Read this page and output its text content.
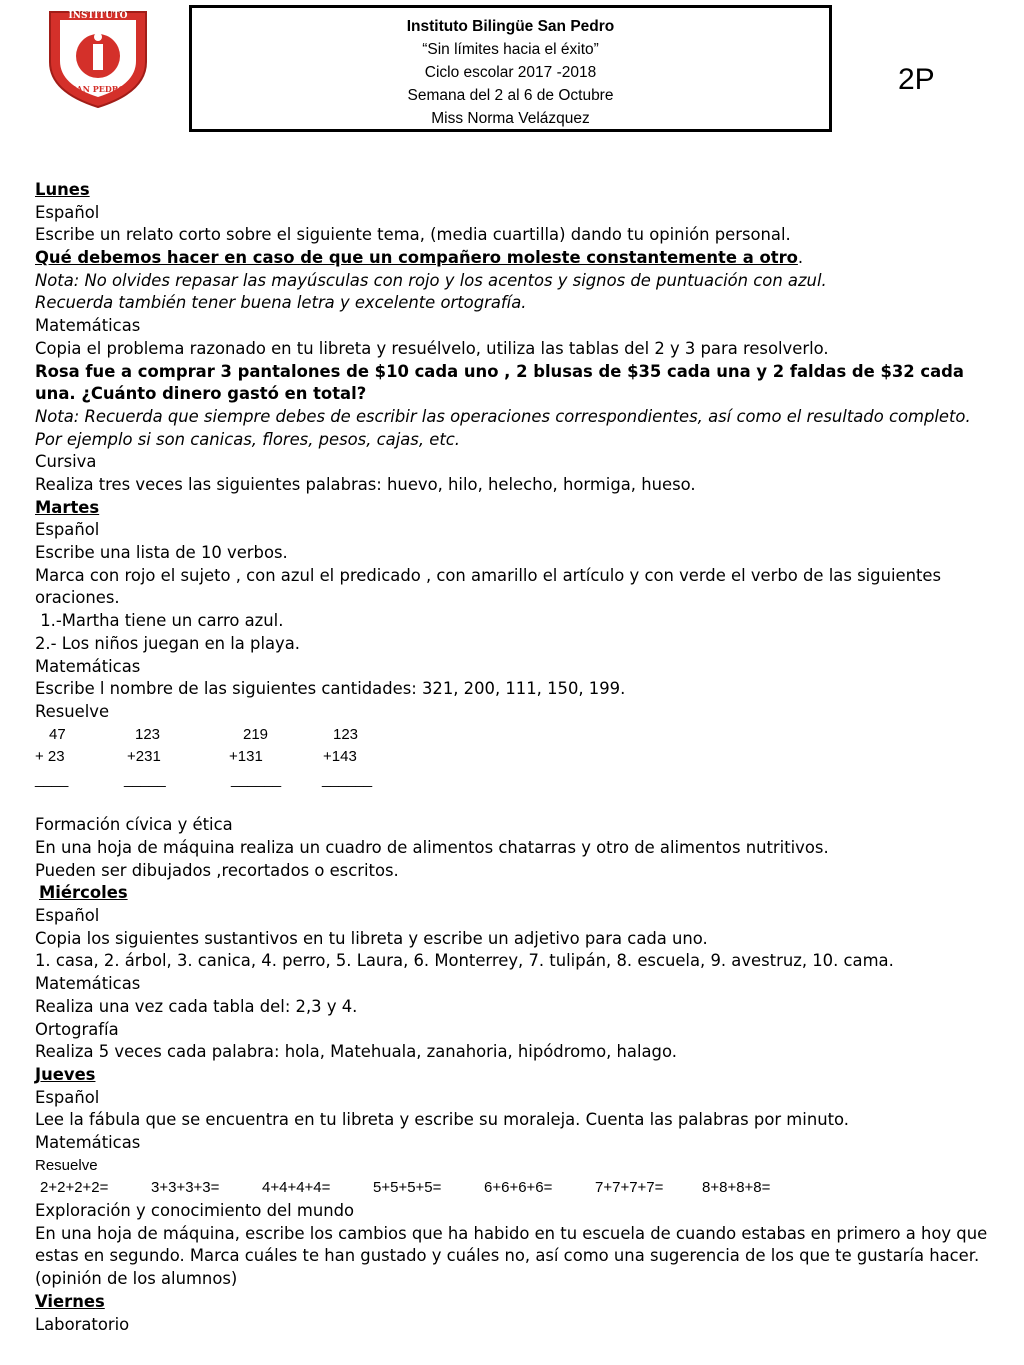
INSTITUTO
SAN PEDRO
Instituto Bilingüe San Pedro
“Sin límites hacia el éxito”
Ciclo escolar 2017 -2018
Semana del 2 al 6 de Octubre
Miss Norma Velázquez
2P
Lunes
Español
Escribe un relato corto sobre el siguiente tema, (media cuartilla) dando tu opinión personal.
Qué debemos hacer en caso de que un compañero moleste constantemente a otro.
Nota: No olvides repasar las mayúsculas con rojo y los acentos y signos de puntuación con azul.
Recuerda también tener buena letra y excelente ortografía.
Matemáticas
Copia el problema razonado en tu libreta y resuélvelo, utiliza las tablas del 2 y 3 para resolverlo.
Rosa fue a comprar 3 pantalones de $10 cada uno , 2 blusas de $35 cada una y 2 faldas de $32 cada una. ¿Cuánto dinero gastó en total?
Nota: Recuerda que siempre debes de escribir las operaciones correspondientes, así como el resultado completo. Por ejemplo si son canicas, flores, pesos, cajas, etc.
Cursiva
Realiza tres veces las siguientes palabras: huevo, hilo, helecho, hormiga, hueso.
Martes
Español
Escribe una lista de 10 verbos.
Marca con rojo el sujeto , con azul el predicado , con amarillo el artículo y con verde el verbo de las siguientes oraciones.
1.-Martha tiene un carro azul.
2.- Los niños juegan en la playa.
Matemáticas
Escribe l nombre de las siguientes cantidades: 321, 200, 111, 150, 199.
Resuelve
47	123	219	123
+ 23	+231	+131	+143
____	_____	______	______
Formación cívica y ética
En una hoja de máquina realiza un cuadro de alimentos chatarras y otro de alimentos nutritivos.
Pueden ser dibujados ,recortados o escritos.
Miércoles
Español
Copia los siguientes sustantivos en tu libreta y escribe un adjetivo para cada uno.
1. casa, 2. árbol, 3. canica, 4. perro, 5. Laura, 6. Monterrey, 7. tulipán, 8. escuela, 9. avestruz, 10. cama.
Matemáticas
Realiza una vez cada tabla del: 2,3 y 4.
Ortografía
Realiza 5 veces cada palabra: hola, Matehuala, zanahoria, hipódromo, halago.
Jueves
Español
Lee la fábula que se encuentra en tu libreta y escribe su moraleja. Cuenta las palabras por minuto.
Matemáticas
Resuelve
2+2+2+2=	3+3+3+3=	4+4+4+4=	5+5+5+5=	6+6+6+6=	7+7+7+7=	8+8+8+8=
Exploración y conocimiento del mundo
En una hoja de máquina, escribe los cambios que ha habido en tu escuela de cuando estabas en primero a hoy que estas en segundo. Marca cuáles te han gustado y cuáles no, así como una sugerencia de los que te gustaría hacer. (opinión de los alumnos)
Viernes
Laboratorio
